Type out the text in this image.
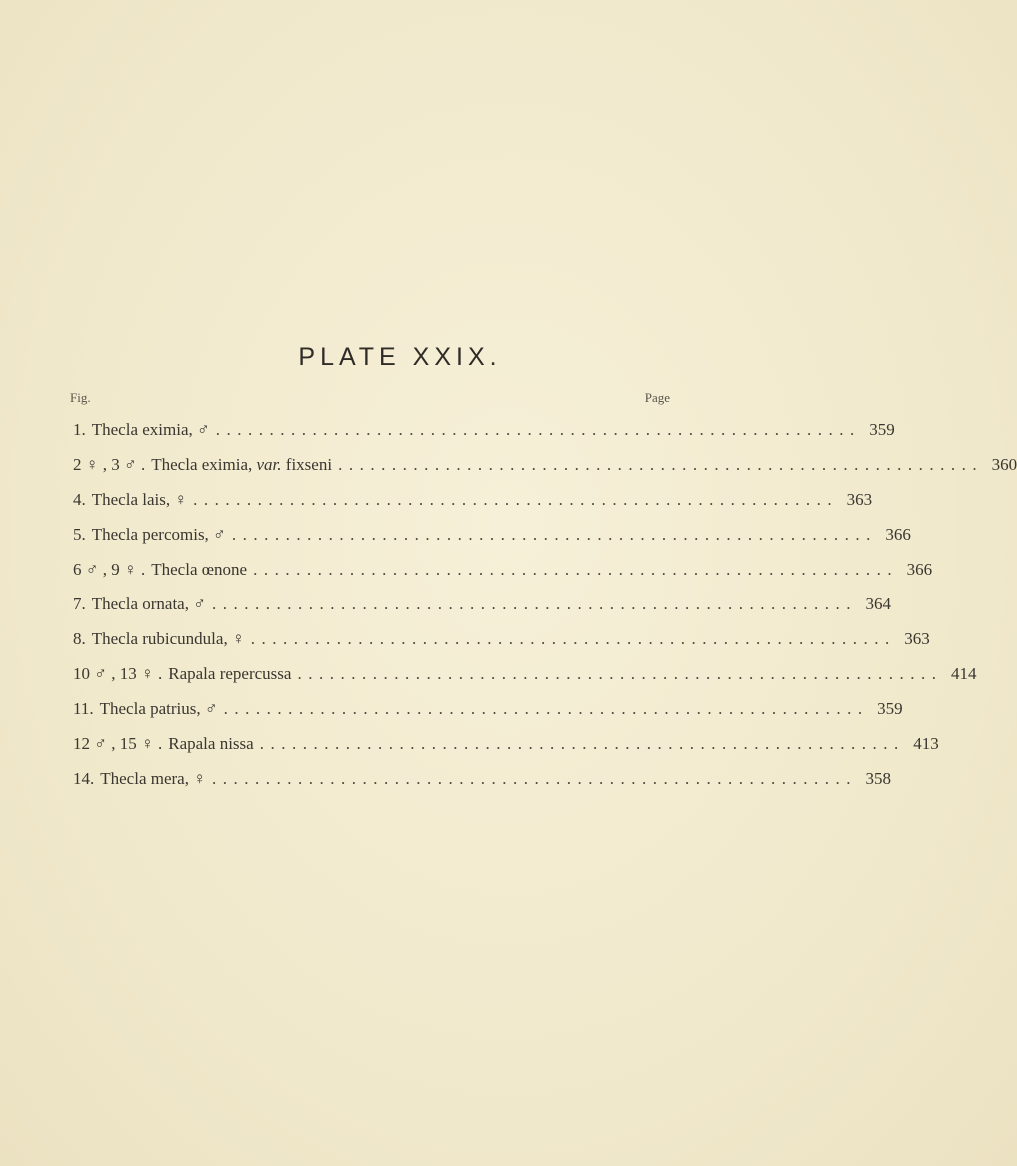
PLATE XXIX.
Fig.	Page
1. Thecla eximia, ♂ ............................................................ 359
2 ♀ , 3 ♂ . Thecla eximia, var. fixseni ............................................................ 360
4. Thecla lais, ♀ ............................................................ 363
5. Thecla percomis, ♂ ............................................................ 366
6 ♂ , 9 ♀ . Thecla œnone ............................................................ 366
7. Thecla ornata, ♂ ............................................................ 364
8. Thecla rubicundula, ♀ ............................................................ 363
10 ♂ , 13 ♀ . Rapala repercussa ............................................................ 414
11. Thecla patrius, ♂ ............................................................ 359
12 ♂ , 15 ♀ . Rapala nissa ............................................................ 413
14. Thecla mera, ♀ ............................................................ 358
